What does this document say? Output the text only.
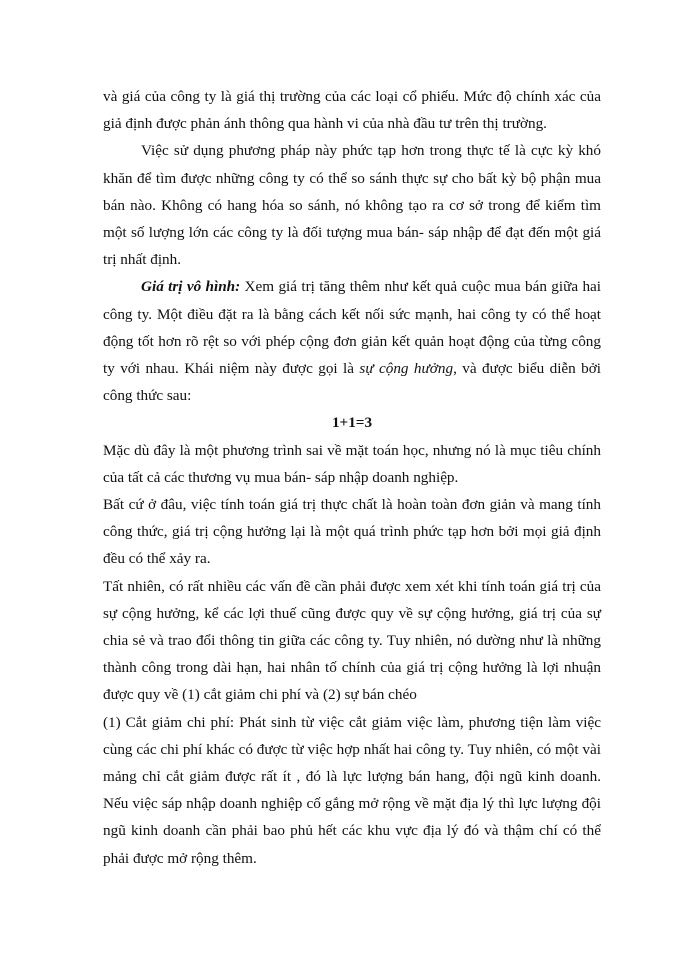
và giá của công ty là giá thị trường của các loại cổ phiếu. Mức độ chính xác của giả định được phản ánh thông qua hành vi của nhà đầu tư trên thị trường.

Việc sử dụng phương pháp này phức tạp hơn trong thực tế là cực kỳ khó khăn để tìm được những công ty có thể so sánh thực sự cho bất kỳ bộ phận mua bán nào. Không có hang hóa so sánh, nó không tạo ra cơ sở trong để kiểm tìm một số lượng lớn các công ty là đối tượng mua bán- sáp nhập để đạt đến một giá trị nhất định.

Giá trị vô hình: Xem giá trị tăng thêm như kết quả cuộc mua bán giữa hai công ty. Một điều đặt ra là bằng cách kết nối sức mạnh, hai công ty có thể hoạt động tốt hơn rõ rệt so với phép cộng đơn giản kết quản hoạt động của từng công ty với nhau. Khái niệm này được gọi là sự cộng hưởng, và được biểu diễn bởi công thức sau:

1+1=3

Mặc dù đây là một phương trình sai về mặt toán học, nhưng nó là mục tiêu chính của tất cả các thương vụ mua bán- sáp nhập doanh nghiệp.

Bất cứ ở đâu, việc tính toán giá trị thực chất là hoàn toàn đơn giản và mang tính công thức, giá trị cộng hưởng lại là một quá trình phức tạp hơn bởi mọi giả định đều có thể xảy ra.

Tất nhiên, có rất nhiều các vấn đề cần phải được xem xét khi tính toán giá trị của sự cộng hưởng, kể các lợi thuế cũng được quy về sự cộng hưởng, giá trị của sự chia sẻ và trao đổi thông tin giữa các công ty. Tuy nhiên, nó dường như là những thành công trong dài hạn, hai nhân tố chính của giá trị cộng hưởng là lợi nhuận được quy về (1) cắt giảm chi phí và (2) sự bán chéo

(1) Cắt giảm chi phí: Phát sinh từ việc cắt giảm việc làm, phương tiện làm việc cùng các chi phí khác có được từ việc hợp nhất hai công ty. Tuy nhiên, có một vài mảng chỉ cắt giảm được rất ít , đó là lực lượng bán hang, đội ngũ kinh doanh. Nếu việc sáp nhập doanh nghiệp cố gắng mở rộng về mặt địa lý thì lực lượng đội ngũ kinh doanh cần phải bao phủ hết các khu vực địa lý đó và thậm chí có thể phải được mở rộng thêm.
